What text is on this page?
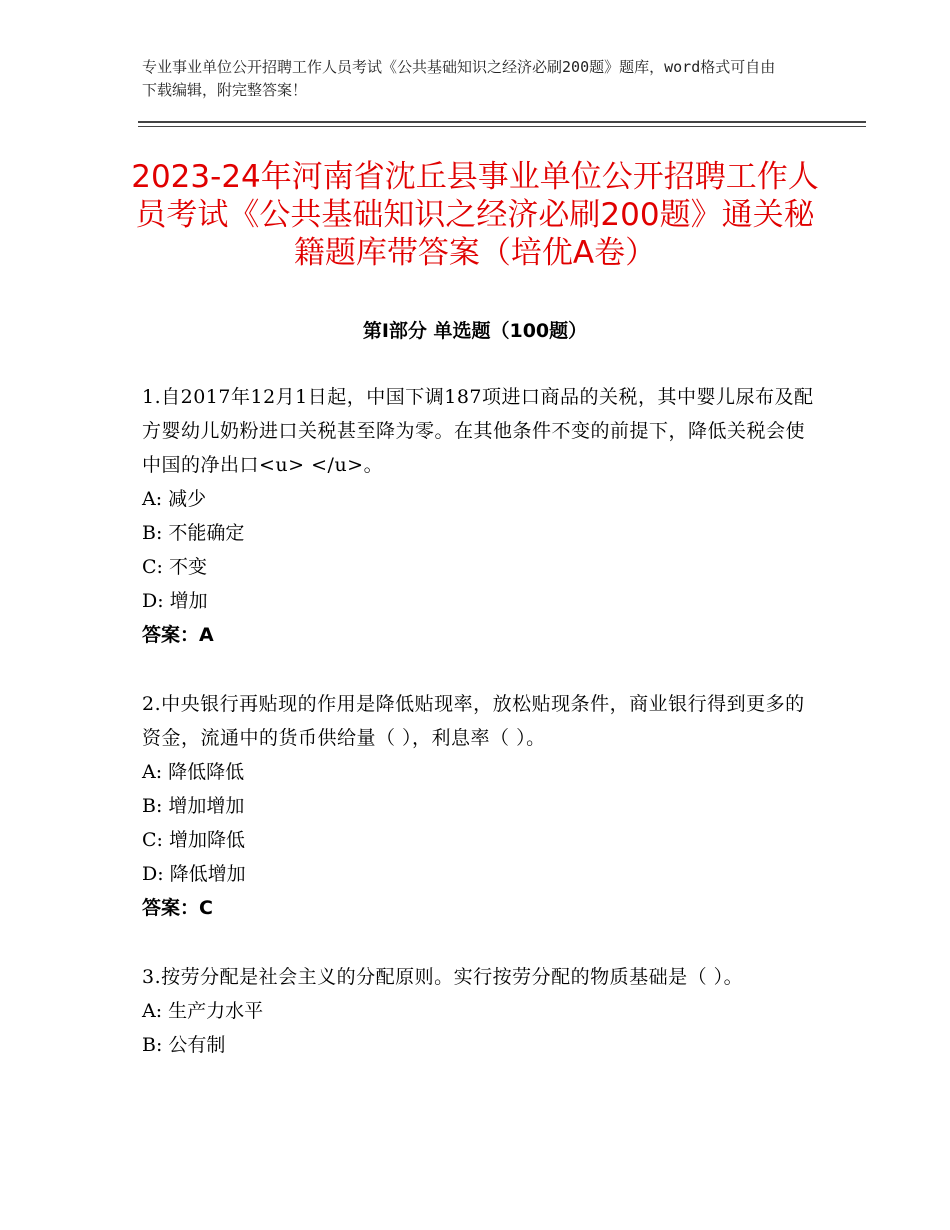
专业事业单位公开招聘工作人员考试《公共基础知识之经济必刷200题》题库，word格式可自由下载编辑，附完整答案！
2023-24年河南省沈丘县事业单位公开招聘工作人员考试《公共基础知识之经济必刷200题》通关秘籍题库带答案（培优A卷）
第Ⅰ部分 单选题（100题）
1.自2017年12月1日起，中国下调187项进口商品的关税，其中婴儿尿布及配方婴幼儿奶粉进口关税甚至降为零。在其他条件不变的前提下，降低关税会使中国的净出口<u> </u>。
A: 减少
B: 不能确定
C: 不变
D: 增加
答案：A
2.中央银行再贴现的作用是降低贴现率，放松贴现条件，商业银行得到更多的资金，流通中的货币供给量（ ），利息率（ ）。
A: 降低降低
B: 增加增加
C: 增加降低
D: 降低增加
答案：C
3.按劳分配是社会主义的分配原则。实行按劳分配的物质基础是（ ）。
A: 生产力水平
B: 公有制
